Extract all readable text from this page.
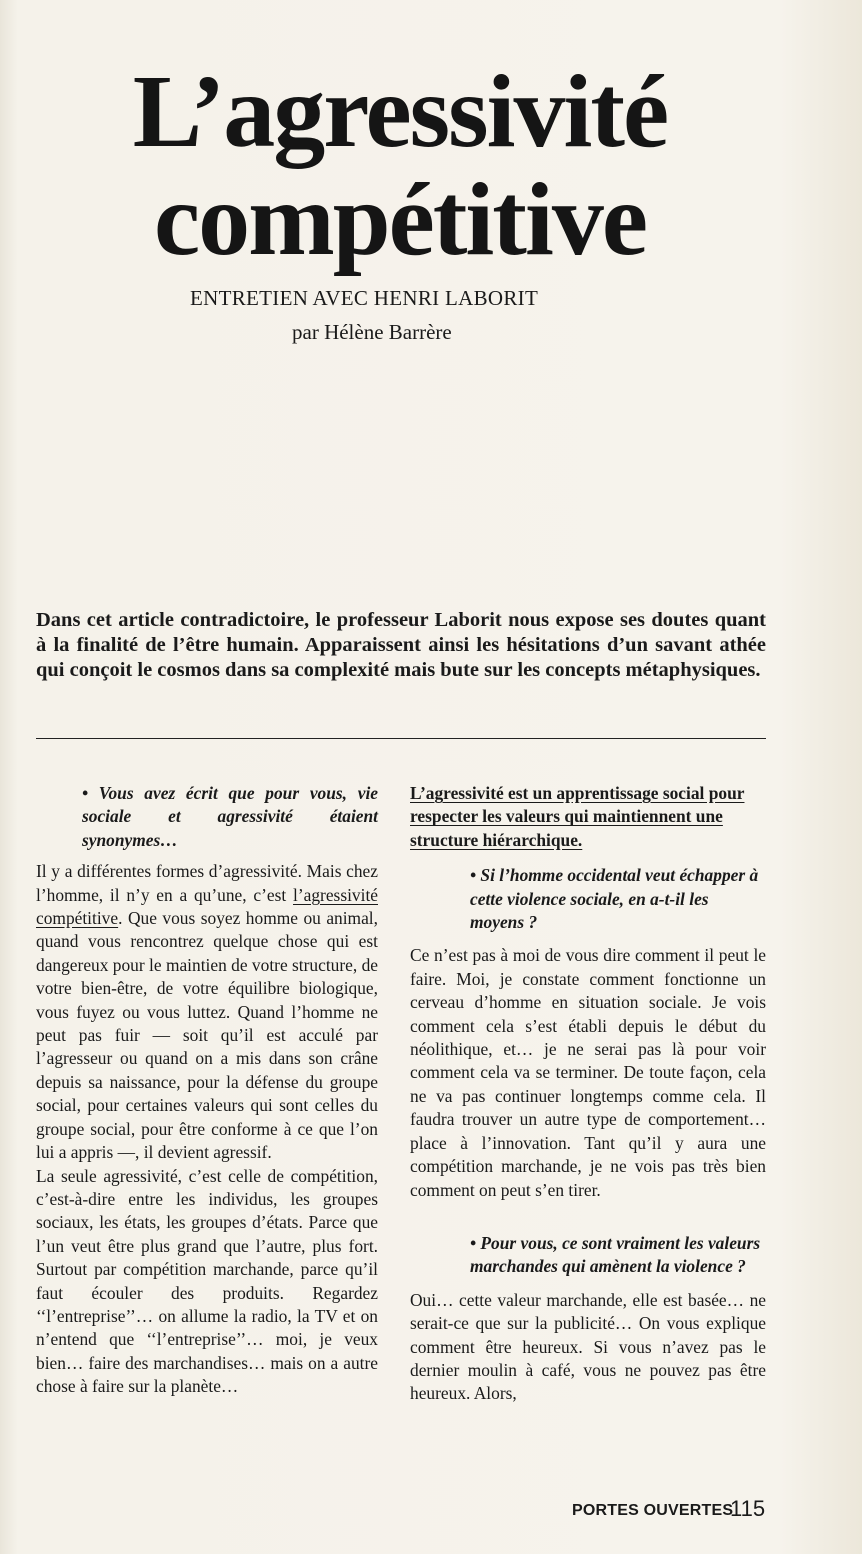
L’agressivité
compétitive

ENTRETIEN AVEC HENRI LABORIT

par Hélène Barrère

Dans cet article contradictoire, le professeur Laborit nous expose ses doutes quant à la finalité de l’être humain. Apparaissent ainsi les hésitations d’un savant athée qui conçoit le cosmos dans sa complexité mais bute sur les concepts métaphysiques.

• Vous avez écrit que pour vous, vie sociale et agressivité étaient synonymes…

Il y a différentes formes d’agressivité. Mais chez l’homme, il n’y en a qu’une, c’est l’agressivité compétitive. Que vous soyez homme ou animal, quand vous rencontrez quelque chose qui est dangereux pour le maintien de votre structure, de votre bien-être, de votre équilibre biologique, vous fuyez ou vous luttez. Quand l’homme ne peut pas fuir — soit qu’il est acculé par l’agresseur ou quand on a mis dans son crâne depuis sa naissance, pour la défense du groupe social, pour certaines valeurs qui sont celles du groupe social, pour être conforme à ce que l’on lui a appris —, il devient agressif.

La seule agressivité, c’est celle de compétition, c’est-à-dire entre les individus, les groupes sociaux, les états, les groupes d’états. Parce que l’un veut être plus grand que l’autre, plus fort. Surtout par compétition marchande, parce qu’il faut écouler des produits. Regardez ‘‘l’entreprise’’… on allume la radio, la TV et on n’entend que ‘‘l’entreprise’’… moi, je veux bien… faire des marchandises… mais on a autre chose à faire sur la planète…

L’agressivité est un apprentissage social pour respecter les valeurs qui maintiennent une structure hiérarchique.

• Si l’homme occidental veut échapper à cette violence sociale, en a-t-il les moyens ?

Ce n’est pas à moi de vous dire comment il peut le faire. Moi, je constate comment fonctionne un cerveau d’homme en situation sociale. Je vois comment cela s’est établi depuis le début du néolithique, et… je ne serai pas là pour voir comment cela va se terminer. De toute façon, cela ne va pas continuer longtemps comme cela. Il faudra trouver un autre type de comportement… place à l’innovation. Tant qu’il y aura une compétition marchande, je ne vois pas très bien comment on peut s’en tirer.

• Pour vous, ce sont vraiment les valeurs marchandes qui amènent la violence ?

Oui… cette valeur marchande, elle est basée… ne serait-ce que sur la publicité… On vous explique comment être heureux. Si vous n’avez pas le dernier moulin à café, vous ne pouvez pas être heureux. Alors,

PORTES OUVERTES
115
